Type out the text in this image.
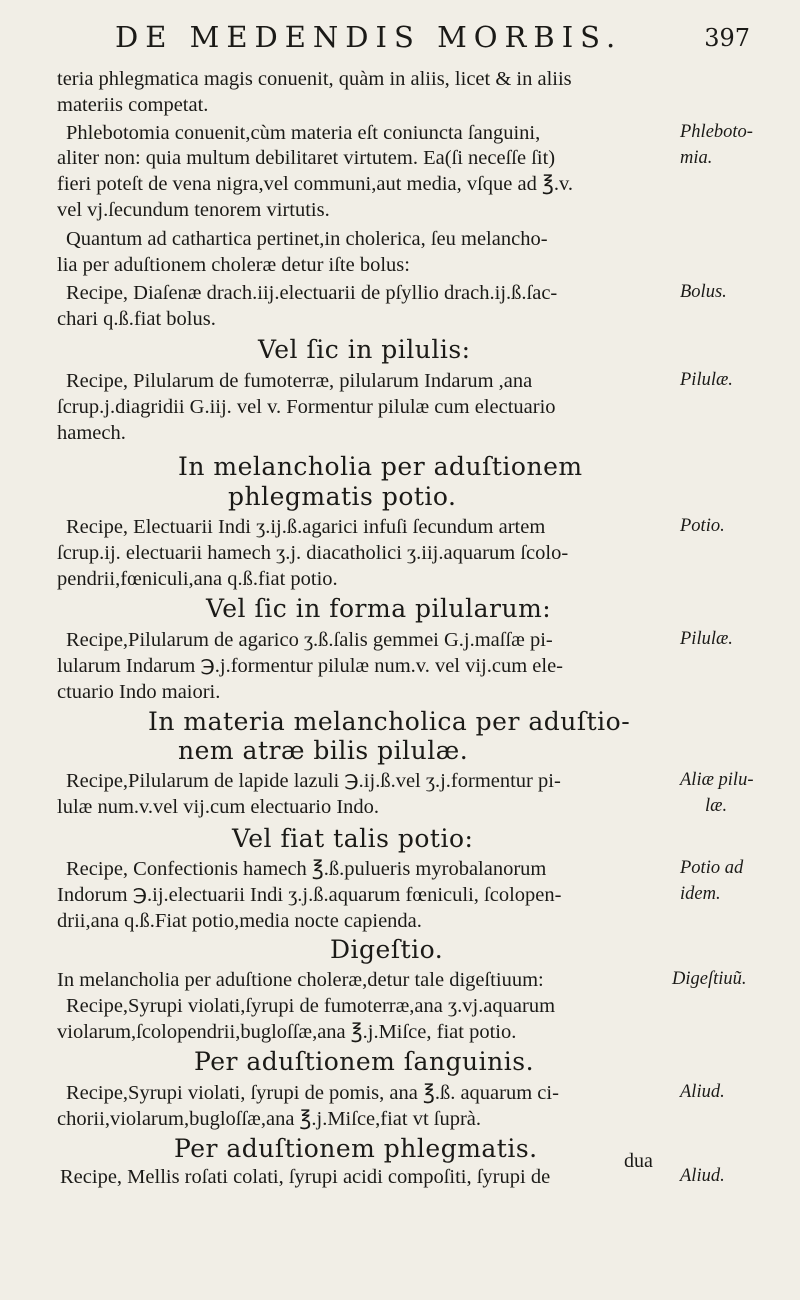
DE MEDENDIS MORBIS.	397
teria phlegmatica magis conuenit, quàm in aliis, licet & in aliis
materiis competat.
Phlebotomia conuenit,cùm materia eſt coniuncta ſanguini,
aliter non: quia multum debilitaret virtutem. Ea(ſi neceſſe ſit)
fieri poteſt de vena nigra,vel communi,aut media, vſque ad ℥.v.
vel vj.ſecundum tenorem virtutis.
Quantum ad cathartica pertinet,in cholerica, ſeu melancho-
lia per aduſtionem choleræ detur iſte bolus:
Recipe, Diaſenæ drach.iij.electuarii de pſyllio drach.ij.ß.ſac-
chari q.ß.fiat bolus.
Vel ſic in pilulis:
Recipe, Pilularum de fumoterræ, pilularum Indarum ,ana
ſcrup.j.diagridii G.iij. vel v. Formentur pilulæ cum electuario
hamech.
In melancholia per aduſtionem
phlegmatis potio.
Recipe, Electuarii Indi ʒ.ij.ß.agarici infuſi ſecundum artem
ſcrup.ij. electuarii hamech ʒ.j. diacatholici ʒ.iij.aquarum ſcolo-
pendrii,fœniculi,ana q.ß.fiat potio.
Vel ſic in forma pilularum:
Recipe,Pilularum de agarico ʒ.ß.ſalis gemmei G.j.maſſæ pi-
lularum Indarum ℈.j.formentur pilulæ num.v. vel vij.cum ele-
ctuario Indo maiori.
In materia melancholica per aduſtio-
nem atræ bilis pilulæ.
Recipe,Pilularum de lapide lazuli ℈.ij.ß.vel ʒ.j.formentur pi-
lulæ num.v.vel vij.cum electuario Indo.
Vel fiat talis potio:
Recipe, Confectionis hamech ℥.ß.pulueris myrobalanorum
Indorum ℈.ij.electuarii Indi ʒ.j.ß.aquarum fœniculi, ſcolopen-
drii,ana q.ß.Fiat potio,media nocte capienda.
Digeſtio.
In melancholia per aduſtione choleræ,detur tale digeſtiuum:
Recipe,Syrupi violati,ſyrupi de fumoterræ,ana ʒ.vj.aquarum
violarum,ſcolopendrii,bugloſſæ,ana ℥.j.Miſce, fiat potio.
Per aduſtionem ſanguinis.
Recipe,Syrupi violati, ſyrupi de pomis, ana ℥.ß. aquarum ci-
chorii,violarum,bugloſſæ,ana ℥.j.Miſce,fiat vt ſuprà.
Per aduſtionem phlegmatis.
Recipe, Mellis roſati colati, ſyrupi acidi compoſiti, ſyrupi de
Phleboto-
mia.
Bolus.
Pilulæ.
Potio.
Pilulæ.
Aliæ pilu-
læ.
Potio ad
idem.
Digeſtiuũ.
Aliud.
Aliud.
dua
